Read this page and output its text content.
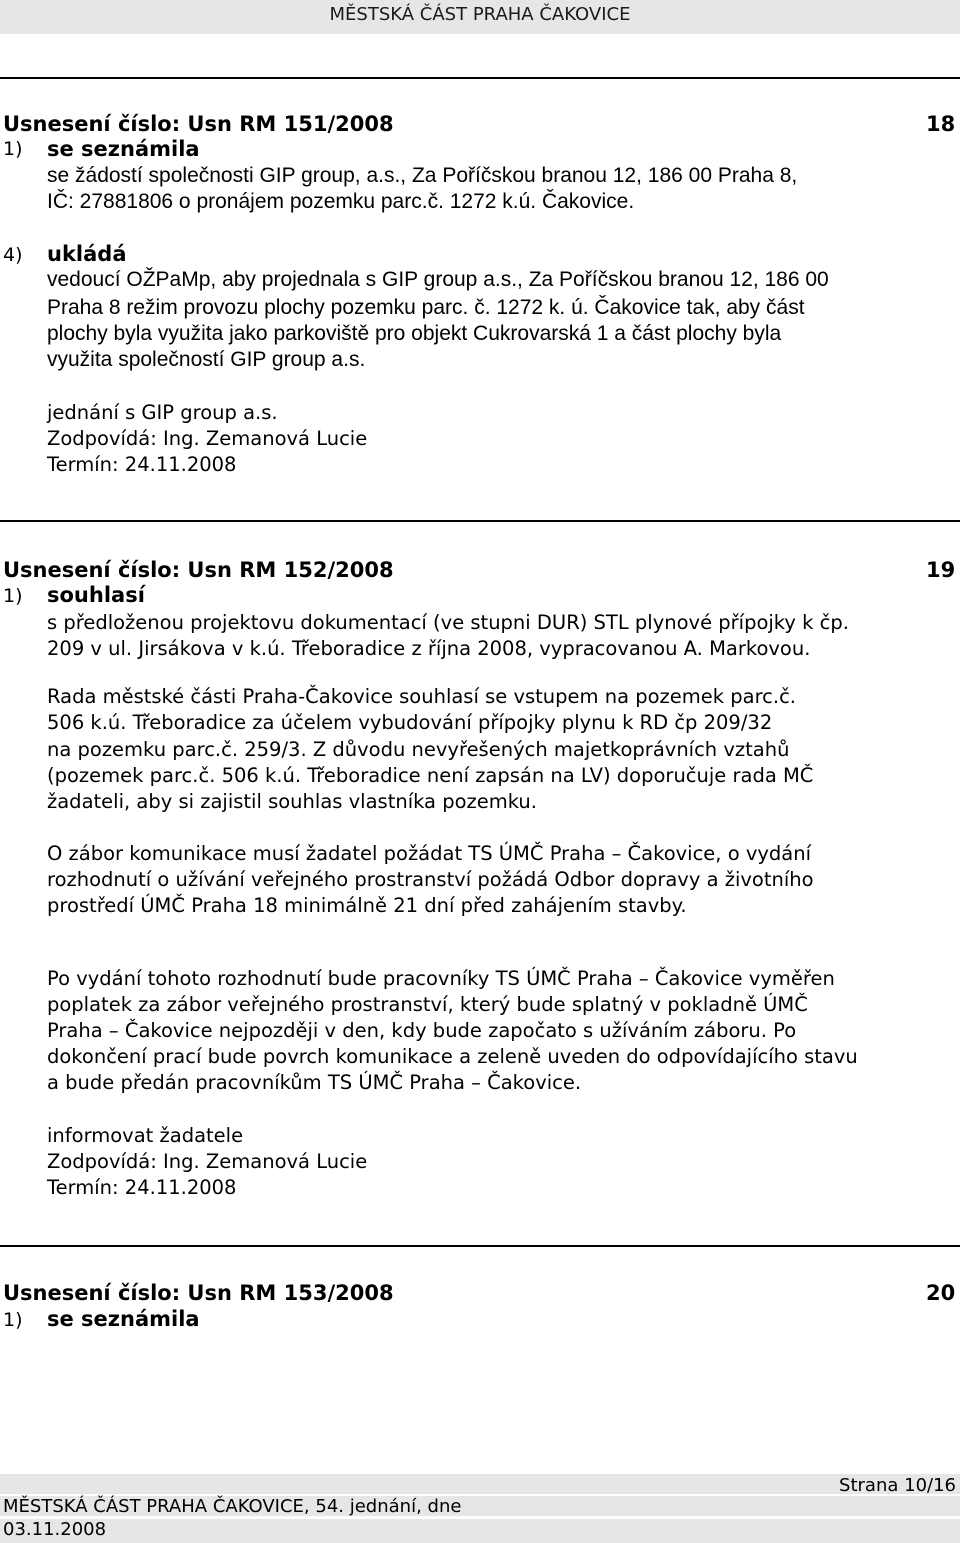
MĚSTSKÁ ČÁST PRAHA ČAKOVICE
Usnesení číslo: Usn RM 151/2008	18
1) se seznámila
se žádostí společnosti GIP group, a.s., Za Poříčskou branou 12, 186 00 Praha 8,
IČ: 27881806 o pronájem pozemku parc.č. 1272 k.ú. Čakovice.
4) ukládá
vedoucí OŽPaMp, aby projednala s GIP group a.s., Za Poříčskou branou 12, 186 00
Praha 8 režim provozu plochy pozemku parc. č. 1272 k. ú. Čakovice tak, aby část
plochy byla využita jako parkoviště pro objekt Cukrovarská 1 a část plochy byla
využita společností GIP group a.s.
jednání s GIP group a.s.
Zodpovídá: Ing. Zemanová Lucie
Termín: 24.11.2008
Usnesení číslo: Usn RM 152/2008	19
1) souhlasí
s předloženou projektovu dokumentací (ve stupni DUR) STL plynové přípojky k čp.
209 v ul. Jirsákova v k.ú. Třeboradice z října 2008, vypracovanou A. Markovou.
Rada městské části Praha-Čakovice souhlasí se vstupem na pozemek parc.č.
506 k.ú. Třeboradice za účelem vybudování přípojky plynu k RD čp 209/32
na pozemku parc.č. 259/3. Z důvodu nevyřešených majetkoprávních vztahů
(pozemek parc.č. 506 k.ú. Třeboradice není zapsán na LV) doporučuje rada MČ
žadateli, aby si zajistil souhlas vlastníka pozemku.
O zábor komunikace musí žadatel požádat TS ÚMČ Praha – Čakovice, o vydání
rozhodnutí o užívání veřejného prostranství požádá Odbor dopravy a životního
prostředí ÚMČ Praha 18 minimálně 21 dní před zahájením stavby.
Po vydání tohoto rozhodnutí bude pracovníky TS ÚMČ Praha – Čakovice vyměřen
poplatek za zábor veřejného prostranství, který bude splatný v pokladně ÚMČ
Praha – Čakovice nejpozději v den, kdy bude započato s užíváním záboru. Po
dokončení prací bude povrch komunikace a zeleně uveden do odpovídajícího stavu
a bude předán pracovníkům TS ÚMČ Praha – Čakovice.
informovat žadatele
Zodpovídá: Ing. Zemanová Lucie
Termín: 24.11.2008
Usnesení číslo: Usn RM 153/2008	20
1) se seznámila
Strana 10/16
MĚSTSKÁ ČÁST PRAHA ČAKOVICE, 54. jednání, dne
03.11.2008
